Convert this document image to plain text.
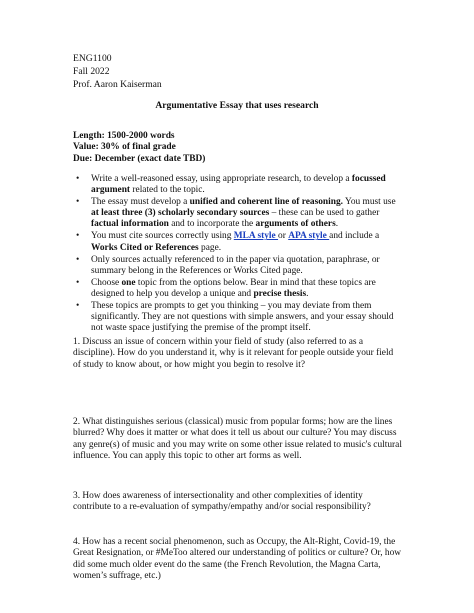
ENG1100
Fall 2022
Prof. Aaron Kaiserman
Argumentative Essay that uses research
Length: 1500-2000 words
Value: 30% of final grade
Due: December (exact date TBD)
• Write a well-reasoned essay, using appropriate research, to develop a focussed argument related to the topic.
• The essay must develop a unified and coherent line of reasoning. You must use at least three (3) scholarly secondary sources – these can be used to gather factual information and to incorporate the arguments of others.
• You must cite sources correctly using MLA style or APA style and include a Works Cited or References page.
• Only sources actually referenced to in the paper via quotation, paraphrase, or summary belong in the References or Works Cited page.
• Choose one topic from the options below. Bear in mind that these topics are designed to help you develop a unique and precise thesis.
• These topics are prompts to get you thinking – you may deviate from them significantly. They are not questions with simple answers, and your essay should not waste space justifying the premise of the prompt itself.
1. Discuss an issue of concern within your field of study (also referred to as a discipline). How do you understand it, why is it relevant for people outside your field of study to know about, or how might you begin to resolve it?
2. What distinguishes serious (classical) music from popular forms; how are the lines blurred? Why does it matter or what does it tell us about our culture? You may discuss any genre(s) of music and you may write on some other issue related to music's cultural influence. You can apply this topic to other art forms as well.
3. How does awareness of intersectionality and other complexities of identity contribute to a re-evaluation of sympathy/empathy and/or social responsibility?
4. How has a recent social phenomenon, such as Occupy, the Alt-Right, Covid-19, the Great Resignation, or #MeToo altered our understanding of politics or culture? Or, how did some much older event do the same (the French Revolution, the Magna Carta, women’s suffrage, etc.)
